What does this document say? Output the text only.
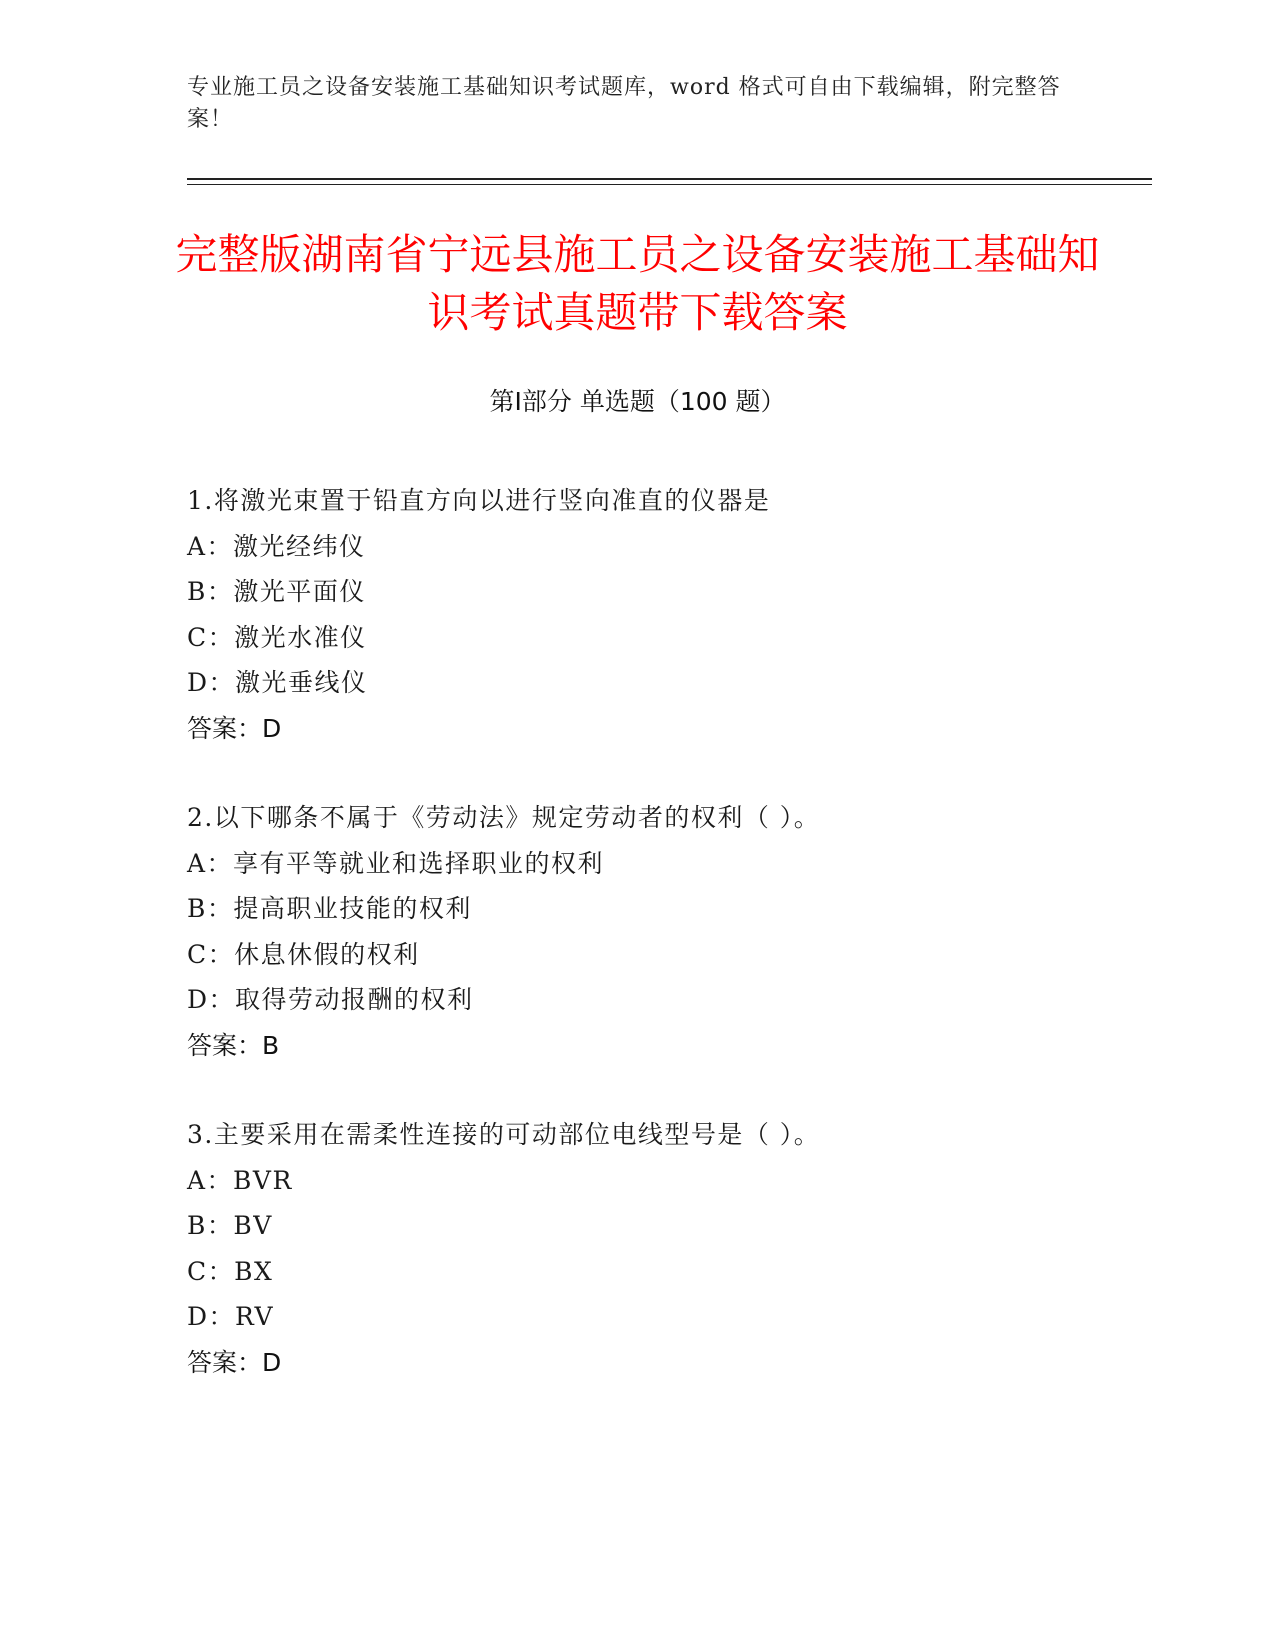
专业施工员之设备安装施工基础知识考试题库，word 格式可自由下载编辑，附完整答案！
完整版湖南省宁远县施工员之设备安装施工基础知识考试真题带下载答案
第Ⅰ部分 单选题（100 题）
1.将激光束置于铅直方向以进行竖向准直的仪器是
A：激光经纬仪
B：激光平面仪
C：激光水准仪
D：激光垂线仪
答案：D
2.以下哪条不属于《劳动法》规定劳动者的权利（ ）。
A：享有平等就业和选择职业的权利
B：提高职业技能的权利
C：休息休假的权利
D：取得劳动报酬的权利
答案：B
3.主要采用在需柔性连接的可动部位电线型号是（ ）。
A：BVR
B：BV
C：BX
D：RV
答案：D
